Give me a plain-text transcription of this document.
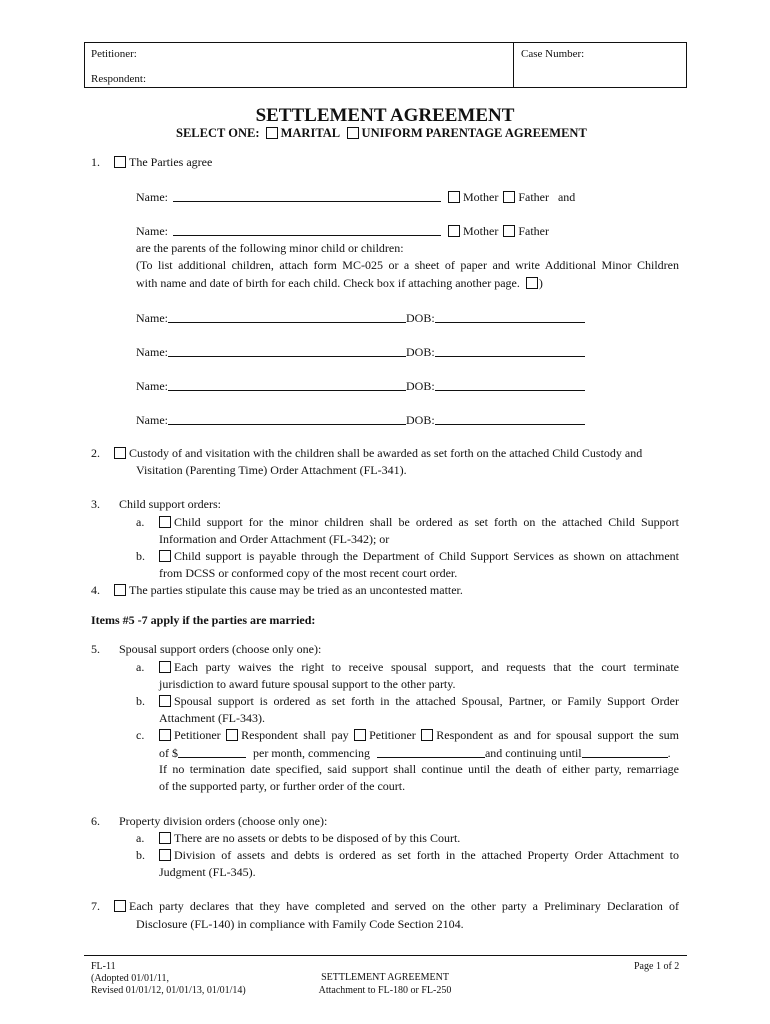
Petitioner:
Respondent:
Case Number:
SETTLEMENT AGREEMENT
SELECT ONE: MARITAL UNIFORM PARENTAGE AGREEMENT
1.	The Parties agree
Name:	Mother Father and
Name:	Mother Father
are the parents of the following minor child or children:
(To list additional children, attach form MC-025 or a sheet of paper and write Additional Minor Children
with name and date of birth for each child. Check box if attaching another page. )
Name:	DOB:
Name:	DOB:
Name:	DOB:
Name:	DOB:
2.	Custody of and visitation with the children shall be awarded as set forth on the attached Child Custody and
Visitation (Parenting Time) Order Attachment (FL-341).
3. Child support orders:
a.	Child support for the minor children shall be ordered as set forth on the attached Child Support
Information and Order Attachment (FL-342); or
b.	Child support is payable through the Department of Child Support Services as shown on attachment
from DCSS or conformed copy of the most recent court order.
4.	The parties stipulate this cause may be tried as an uncontested matter.
Items #5 -7 apply if the parties are married:
5. Spousal support orders (choose only one):
a.	Each party waives the right to receive spousal support, and requests that the court terminate
jurisdiction to award future spousal support to the other party.
b.	Spousal support is ordered as set forth in the attached Spousal, Partner, or Family Support Order
Attachment (FL-343).
c.	Petitioner Respondent shall pay Petitioner Respondent as and for spousal support the sum
of $	per month, commencing	and continuing until	.
If no termination date specified, said support shall continue until the death of either party, remarriage
of the supported party, or further order of the court.
6. Property division orders (choose only one):
a.	There are no assets or debts to be disposed of by this Court.
b.	Division of assets and debts is ordered as set forth in the attached Property Order Attachment to
Judgment (FL-345).
7.	Each party declares that they have completed and served on the other party a Preliminary Declaration of
Disclosure (FL-140) in compliance with Family Code Section 2104.
FL-11
(Adopted 01/01/11,
Revised 01/01/12, 01/01/13, 01/01/14)
SETTLEMENT AGREEMENT
Attachment to FL-180 or FL-250
Page 1 of 2
